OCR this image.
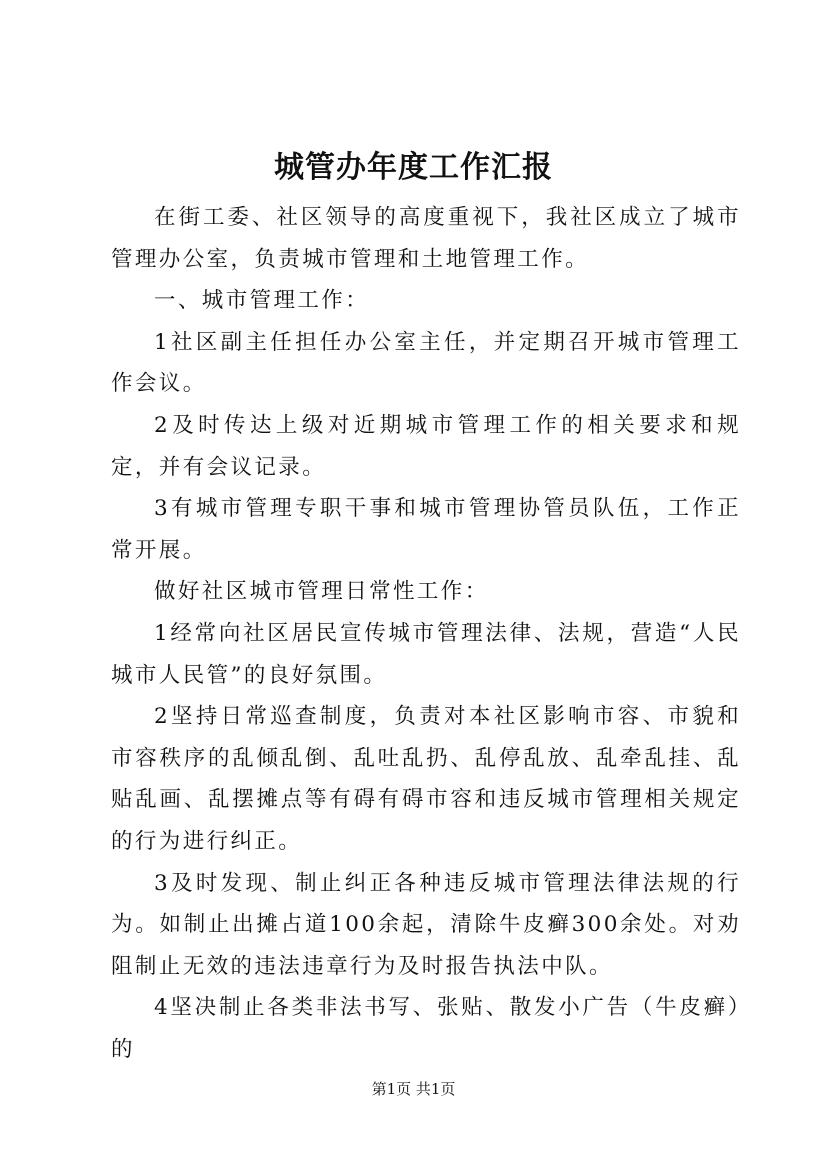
城管办年度工作汇报

在街工委、社区领导的高度重视下，我社区成立了城市管理办公室，负责城市管理和土地管理工作。

一、城市管理工作：

1社区副主任担任办公室主任，并定期召开城市管理工作会议。

2及时传达上级对近期城市管理工作的相关要求和规定，并有会议记录。

3有城市管理专职干事和城市管理协管员队伍，工作正常开展。

做好社区城市管理日常性工作：

1经常向社区居民宣传城市管理法律、法规，营造“人民城市人民管”的良好氛围。

2坚持日常巡查制度，负责对本社区影响市容、市貌和市容秩序的乱倾乱倒、乱吐乱扔、乱停乱放、乱牵乱挂、乱贴乱画、乱摆摊点等有碍有碍市容和违反城市管理相关规定的行为进行纠正。

3及时发现、制止纠正各种违反城市管理法律法规的行为。如制止出摊占道100余起，清除牛皮癣300余处。对劝阻制止无效的违法违章行为及时报告执法中队。

4坚决制止各类非法书写、张贴、散发小广告（牛皮癣）的

第1页 共1页
